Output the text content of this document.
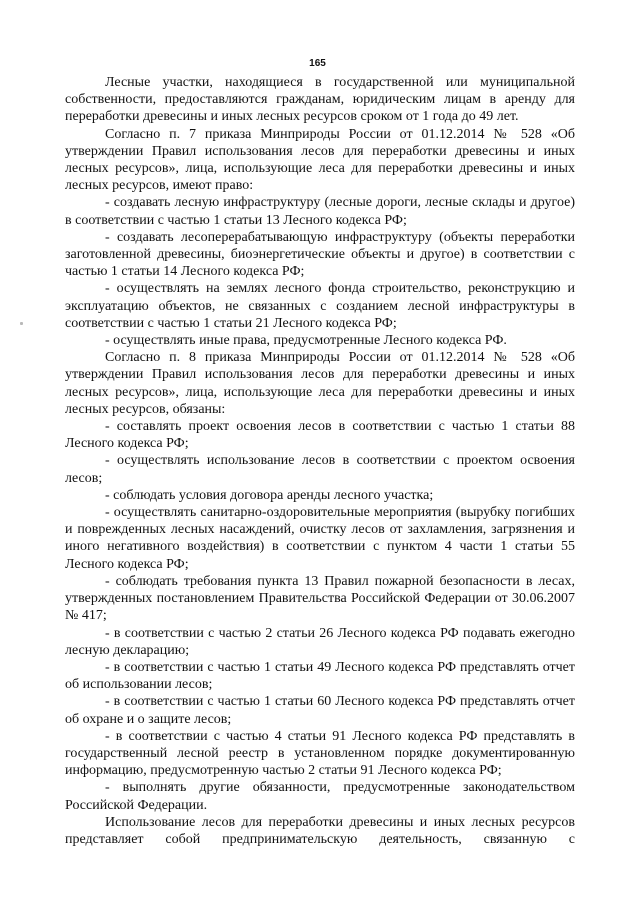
165

Лесные участки, находящиеся в государственной или муниципальной собственности, предоставляются гражданам, юридическим лицам в аренду для переработки древесины и иных лесных ресурсов сроком от 1 года до 49 лет.

Согласно п. 7 приказа Минприроды России от 01.12.2014 № 528 «Об утверждении Правил использования лесов для переработки древесины и иных лесных ресурсов», лица, использующие леса для переработки древесины и иных лесных ресурсов, имеют право:

- создавать лесную инфраструктуру (лесные дороги, лесные склады и другое) в соответствии с частью 1 статьи 13 Лесного кодекса РФ;

- создавать лесоперерабатывающую инфраструктуру (объекты переработки заготовленной древесины, биоэнергетические объекты и другое) в соответствии с частью 1 статьи 14 Лесного кодекса РФ;

- осуществлять на землях лесного фонда строительство, реконструкцию и эксплуатацию объектов, не связанных с созданием лесной инфраструктуры в соответствии с частью 1 статьи 21 Лесного кодекса РФ;

- осуществлять иные права, предусмотренные Лесного кодекса РФ.

Согласно п. 8 приказа Минприроды России от 01.12.2014 № 528 «Об утверждении Правил использования лесов для переработки древесины и иных лесных ресурсов», лица, использующие леса для переработки древесины и иных лесных ресурсов, обязаны:

- составлять проект освоения лесов в соответствии с частью 1 статьи 88 Лесного кодекса РФ;

- осуществлять использование лесов в соответствии с проектом освоения лесов;

- соблюдать условия договора аренды лесного участка;

- осуществлять санитарно-оздоровительные мероприятия (вырубку погибших и поврежденных лесных насаждений, очистку лесов от захламления, загрязнения и иного негативного воздействия) в соответствии с пунктом 4 части 1 статьи 55 Лесного кодекса РФ;

- соблюдать требования пункта 13 Правил пожарной безопасности в лесах, утвержденных постановлением Правительства Российской Федерации от 30.06.2007 № 417;

- в соответствии с частью 2 статьи 26 Лесного кодекса РФ подавать ежегодно лесную декларацию;

- в соответствии с частью 1 статьи 49 Лесного кодекса РФ представлять отчет об использовании лесов;

- в соответствии с частью 1 статьи 60 Лесного кодекса РФ представлять отчет об охране и о защите лесов;

- в соответствии с частью 4 статьи 91 Лесного кодекса РФ представлять в государственный лесной реестр в установленном порядке документированную информацию, предусмотренную частью 2 статьи 91 Лесного кодекса РФ;

- выполнять другие обязанности, предусмотренные законодательством Российской Федерации.

Использование лесов для переработки древесины и иных лесных ресурсов представляет собой предпринимательскую деятельность, связанную с
